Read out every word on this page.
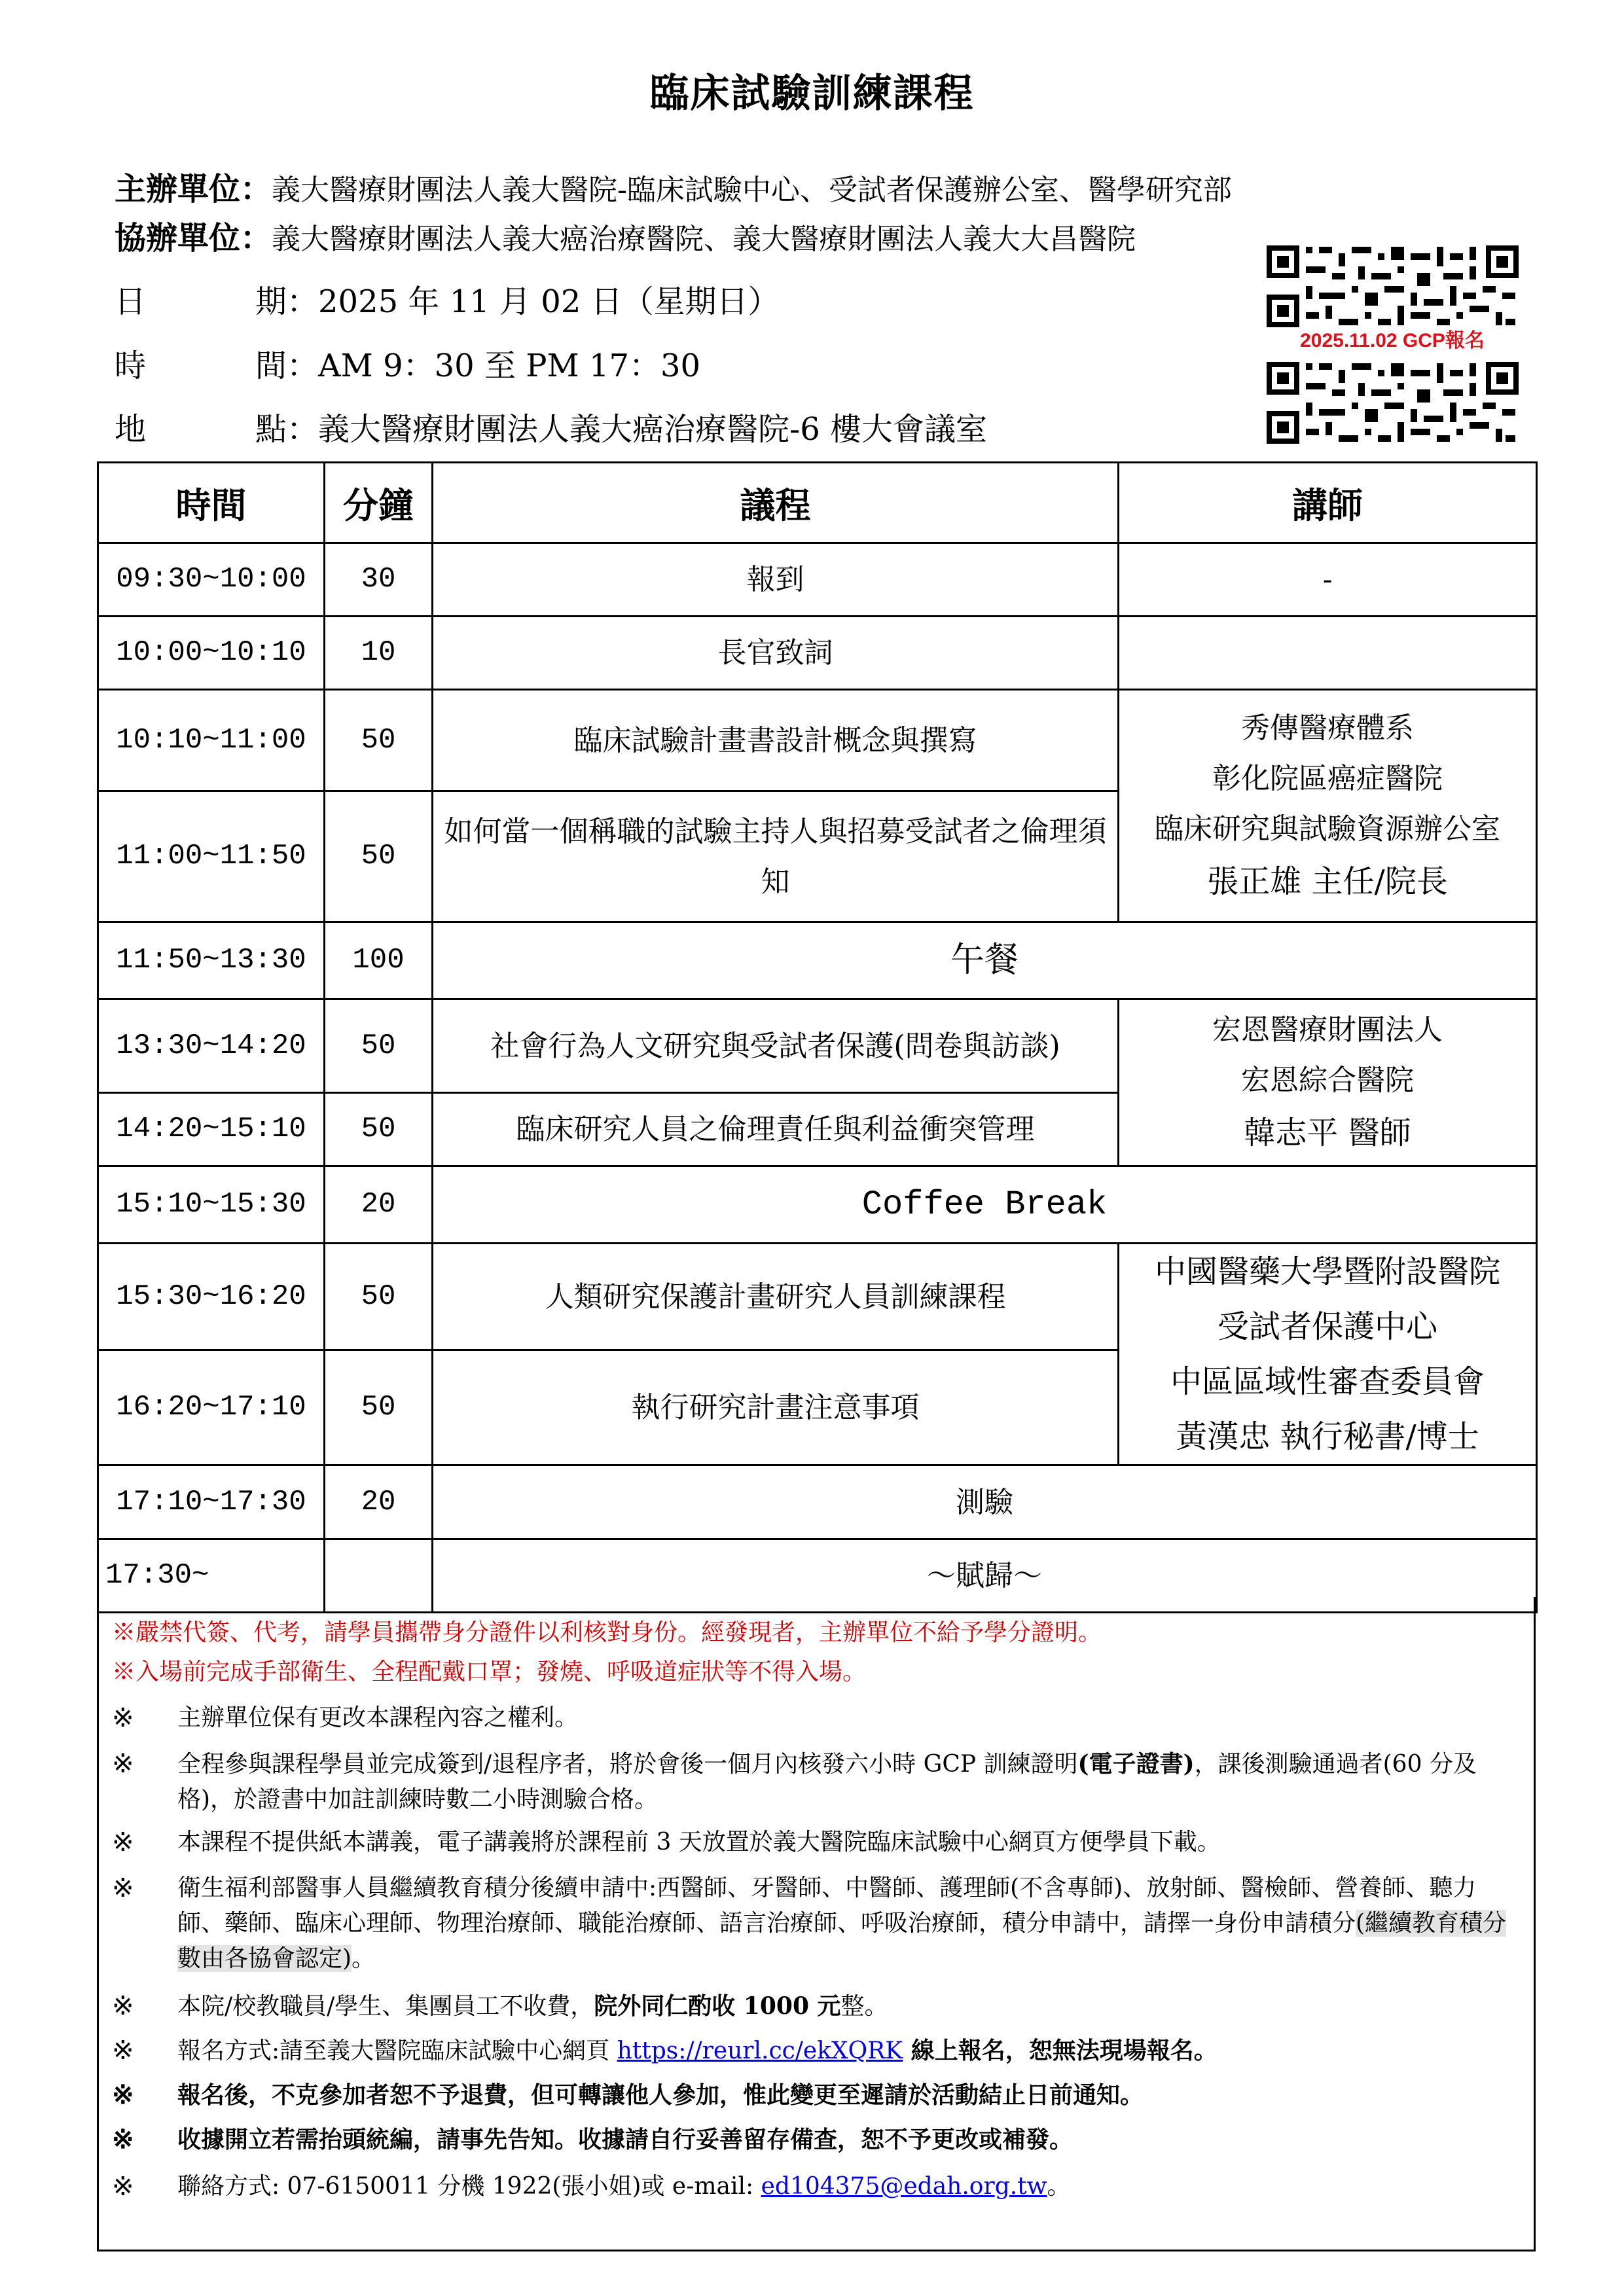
臨床試驗訓練課程
主辦單位：義大醫療財團法人義大醫院-臨床試驗中心、受試者保護辦公室、醫學研究部
協辦單位：義大醫療財團法人義大癌治療醫院、義大醫療財團法人義大大昌醫院
日	期：2025 年 11 月 02 日（星期日）
時	間：AM 9：30 至 PM 17：30
地	點：義大醫療財團法人義大癌治療醫院-6 樓大會議室
2025.11.02 GCP報名
時間	分鐘	議程	講師
09:30~10:00	30	報到	-
10:00~10:10	10	長官致詞	
10:10~11:00	50	臨床試驗計畫書設計概念與撰寫	秀傳醫療體系
彰化院區癌症醫院
臨床研究與試驗資源辦公室
張正雄 主任/院長

11:00~11:50	50	如何當一個稱職的試驗主持人與招募受試者之倫理須知	
11:50~13:30	100	午餐	
13:30~14:20	50	社會行為人文研究與受試者保護(問卷與訪談)	宏恩醫療財團法人
宏恩綜合醫院
韓志平 醫師

14:20~15:10	50	臨床研究人員之倫理責任與利益衝突管理	
15:10~15:30	20	Coffee Break	
15:30~16:20	50	人類研究保護計畫研究人員訓練課程	中國醫藥大學暨附設醫院
受試者保護中心
中區區域性審查委員會
黃漢忠 執行秘書/博士

16:20~17:10	50	執行研究計畫注意事項	
17:10~17:30	20	測驗	
17:30~		～賦歸～	
※嚴禁代簽、代考，請學員攜帶身分證件以利核對身份。經發現者，主辦單位不給予學分證明。
※入場前完成手部衛生、全程配戴口罩；發燒、呼吸道症狀等不得入場。
※	主辦單位保有更改本課程內容之權利。
※	全程參與課程學員並完成簽到/退程序者，將於會後一個月內核發六小時 GCP 訓練證明(電子證書)，課後測驗通過者(60 分及格)，於證書中加註訓練時數二小時測驗合格。
※	本課程不提供紙本講義，電子講義將於課程前 3 天放置於義大醫院臨床試驗中心網頁方便學員下載。
※	衛生福利部醫事人員繼續教育積分後續申請中:西醫師、牙醫師、中醫師、護理師(不含專師)、放射師、醫檢師、營養師、聽力師、藥師、臨床心理師、物理治療師、職能治療師、語言治療師、呼吸治療師，積分申請中，請擇一身份申請積分(繼續教育積分數由各協會認定)。
※	本院/校教職員/學生、集團員工不收費，院外同仁酌收 1000 元整。
※	報名方式:請至義大醫院臨床試驗中心網頁 https://reurl.cc/ekXQRK 線上報名，恕無法現場報名。
※	報名後，不克參加者恕不予退費，但可轉讓他人參加，惟此變更至遲請於活動結止日前通知。
※	收據開立若需抬頭統編，請事先告知。收據請自行妥善留存備查，恕不予更改或補發。
※	聯絡方式: 07-6150011 分機 1922(張小姐)或 e-mail: ed104375@edah.org.tw。
